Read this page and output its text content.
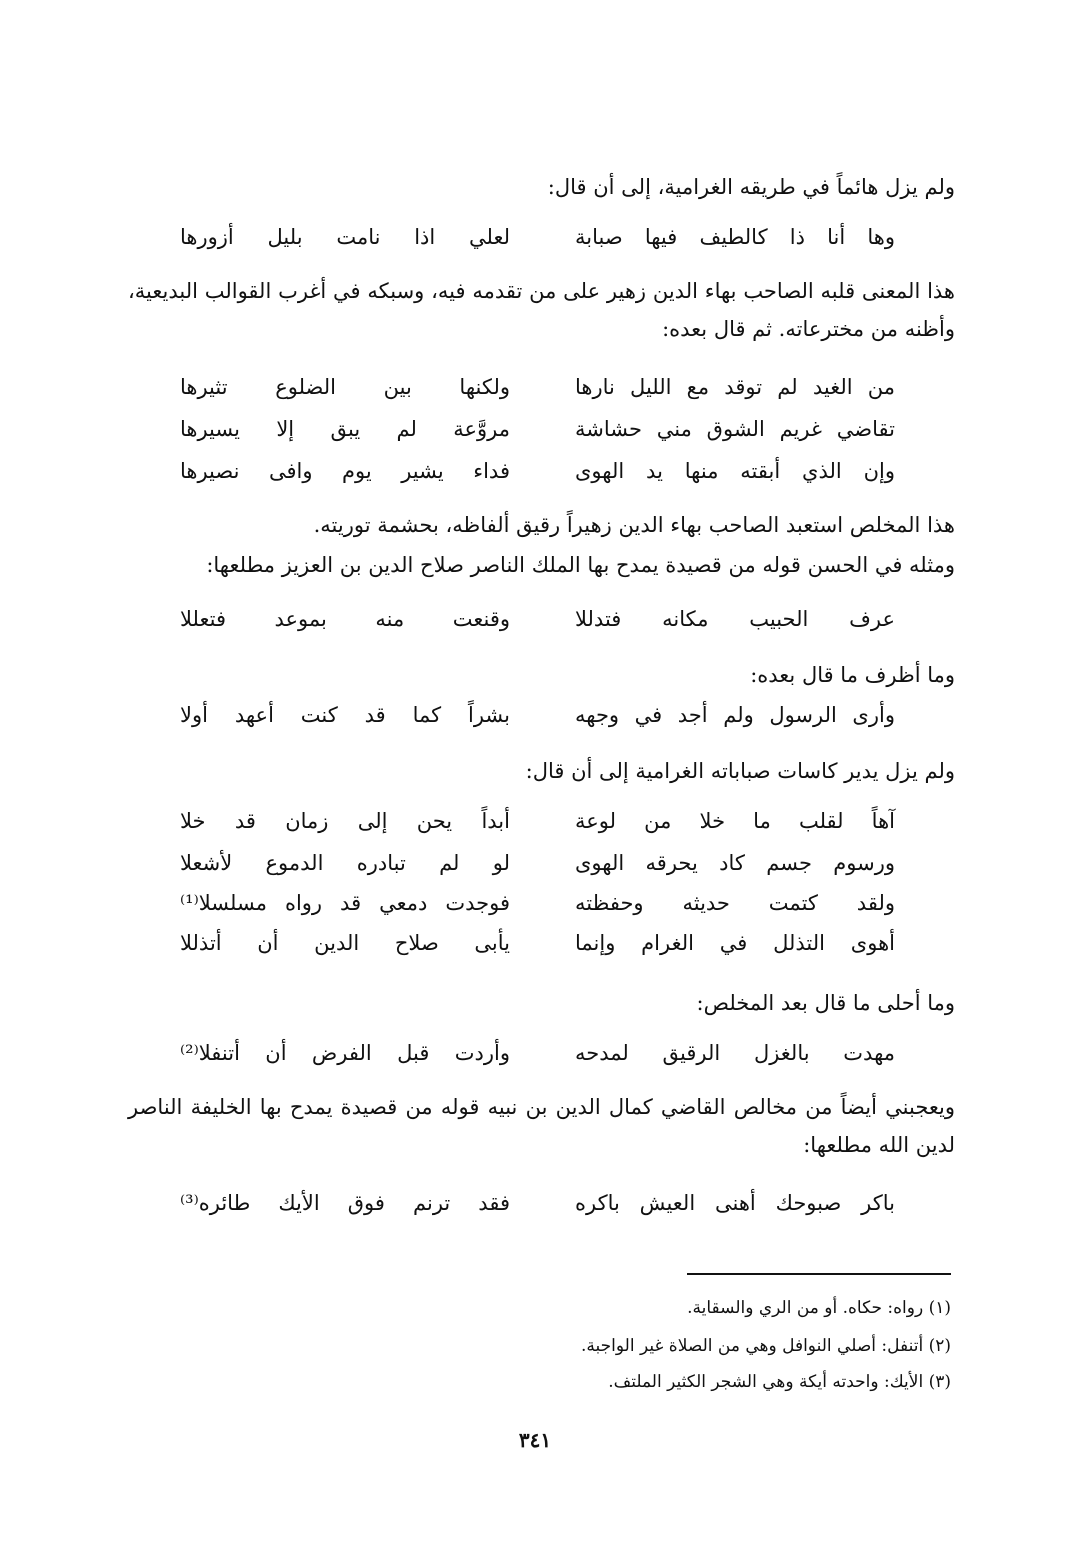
ولم يزل هائماً في طريقه الغرامية، إلى أن قال:
وها أنا ذا كالطيف فيها صبابة
لعلي اذا نامت بليل أزورها
هذا المعنى قلبه الصاحب بهاء الدين زهير على من تقدمه فيه، وسبكه في أغرب القوالب البديعية، وأظنه من مخترعاته. ثم قال بعده:
من الغيد لم توقد مع الليل نارها
ولكنها بين الضلوع تثيرها
تقاضي غريم الشوق مني حشاشة
مروَّعة لم يبق إلا يسيرها
وإن الذي أبقته منها يد الهوى
فداء يشير يوم وافى نصيرها
هذا المخلص استعبد الصاحب بهاء الدين زهيراً رقيق ألفاظه، بحشمة توريته.
ومثله في الحسن قوله من قصيدة يمدح بها الملك الناصر صلاح الدين بن العزيز مطلعها:
عرف الحبيب مكانه فتدللا
وقنعت منه بموعد فتعللا
وما أظرف ما قال بعده:
وأرى الرسول ولم أجد في وجهه
بشراً كما قد كنت أعهد أولا
ولم يزل يدير كاسات صباباته الغرامية إلى أن قال:
آهاً لقلب ما خلا من لوعة
أبداً يحن إلى زمان قد خلا
ورسوم جسم كاد يحرقه الهوى
لو لم تبادره الدموع لأشعلا
ولقد كتمت حديثه وحفظته
فوجدت دمعي قد رواه مسلسلا⁽¹⁾
أهوى التذلل في الغرام وإنما
يأبى صلاح الدين أن أتذللا
وما أحلى ما قال بعد المخلص:
مهدت بالغزل الرقيق لمدحه
وأردت قبل الفرض أن أتنفلا⁽²⁾
ويعجبني أيضاً من مخالص القاضي كمال الدين بن نبيه قوله من قصيدة يمدح بها الخليفة الناصر لدين الله مطلعها:
باكر صبوحك أهنى العيش باكره
فقد ترنم فوق الأيك طائره⁽³⁾
(١) رواه: حكاه. أو من الري والسقاية.
(٢) أتنفل: أصلي النوافل وهي من الصلاة غير الواجبة.
(٣) الأيك: واحدته أيكة وهي الشجر الكثير الملتف.
٣٤١
